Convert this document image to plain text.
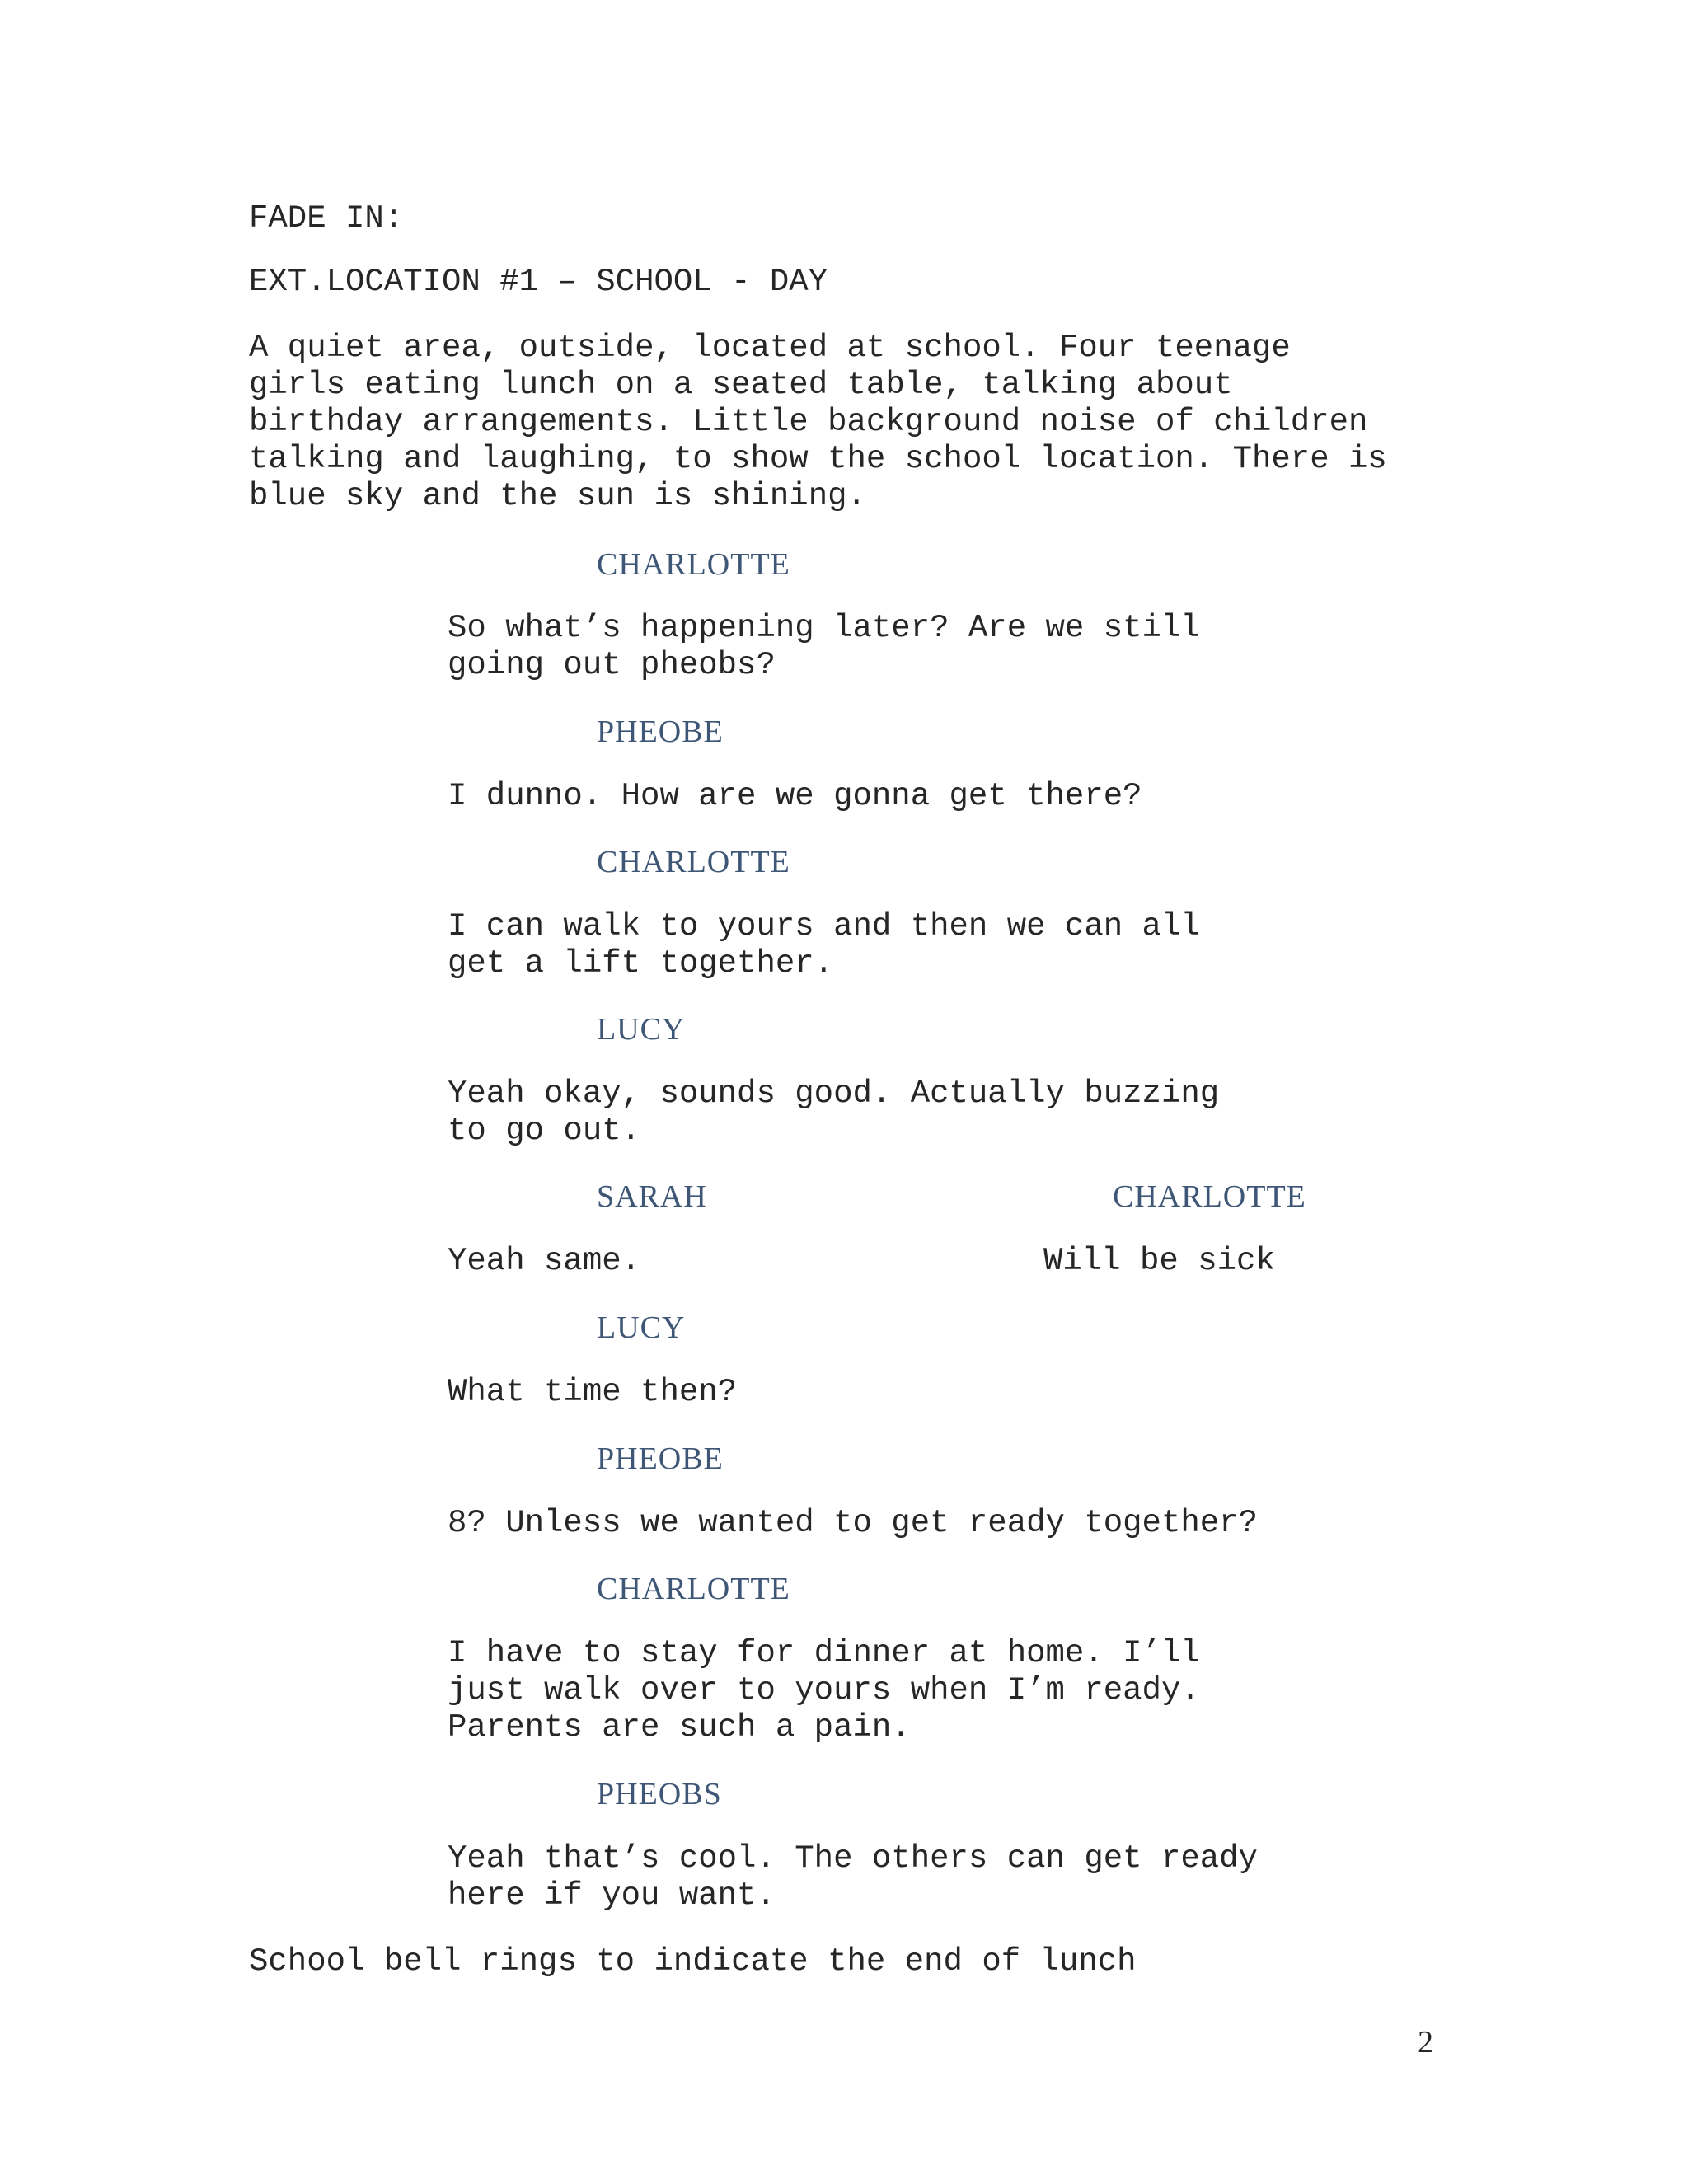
FADE IN:

EXT.LOCATION #1 – SCHOOL - DAY

A quiet area, outside, located at school. Four teenage

girls eating lunch on a seated table, talking about

birthday arrangements. Little background noise of children

talking and laughing, to show the school location. There is

blue sky and the sun is shining.

CHARLOTTE

So what’s happening later? Are we still

going out pheobs?

PHEOBE

I dunno. How are we gonna get there?

CHARLOTTE

I can walk to yours and then we can all

get a lift together.

LUCY

Yeah okay, sounds good. Actually buzzing

to go out.

SARAH

Yeah same.

CHARLOTTE

Will be sick

LUCY

What time then?

PHEOBE

8? Unless we wanted to get ready together?

CHARLOTTE

I have to stay for dinner at home. I’ll

just walk over to yours when I’m ready.

Parents are such a pain.

PHEOBS

Yeah that’s cool. The others can get ready

here if you want.

School bell rings to indicate the end of lunch

2
